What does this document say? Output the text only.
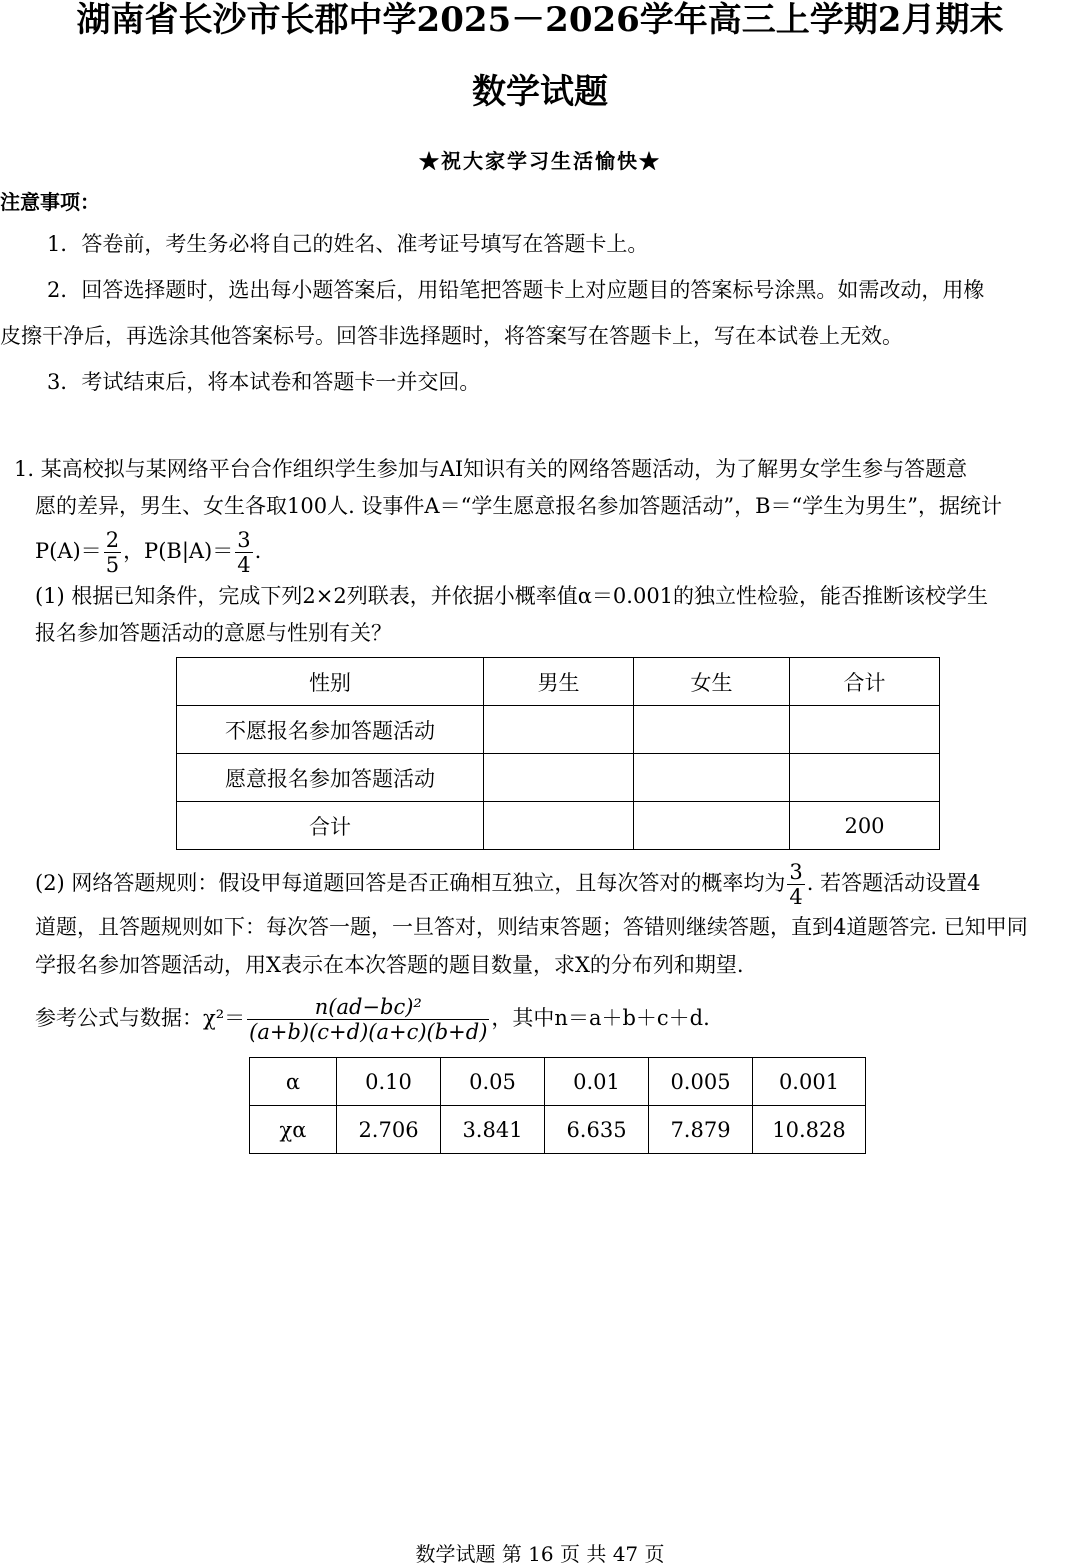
湖南省长沙市长郡中学2025－2026学年高三上学期2月期末
数学试题
★祝大家学习生活愉快★
注意事项：
1．答卷前，考生务必将自己的姓名、准考证号填写在答题卡上。
2．回答选择题时，选出每小题答案后，用铅笔把答题卡上对应题目的答案标号涂黑。如需改动，用橡
皮擦干净后，再选涂其他答案标号。回答非选择题时，将答案写在答题卡上，写在本试卷上无效。
3．考试结束后，将本试卷和答题卡一并交回。
1. 某高校拟与某网络平台合作组织学生参加与AI知识有关的网络答题活动，为了解男女学生参与答题意
愿的差异，男生、女生各取100人. 设事件A＝“学生愿意报名参加答题活动”，B＝“学生为男生”，据统计
$P(A)= \frac{2}{5}$ ，$P(B|A)= \frac{3}{4}$ .
(1) 根据已知条件，完成下列2×2列联表，并依据小概率值α＝0.001的独立性检验，能否推断该校学生
报名参加答题活动的意愿与性别有关？
性别	男生	女生	合计
不愿报名参加答题活动			
愿意报名参加答题活动			
合计			200
(2) 网络答题规则：假设甲每道题回答是否正确相互独立，且每次答对的概率均为 $\frac{3}{4}$ . 若答题活动设置4
道题，且答题规则如下：每次答一题，一旦答对，则结束答题；答错则继续答题，直到4道题答完. 已知甲同
学报名参加答题活动，用X表示在本次答题的题目数量，求X的分布列和期望.
参考公式与数据：$\chi^2= \frac{\text{n(ad−bc)²}}{(a+b)(c+d)(a+c)(b+d)}$ ，其中n＝a＋b＋c＋d.
α	0.10	0.05	0.01	0.005	0.001
χα	2.706	3.841	6.635	7.879	10.828
数学试题 第 16 页 共 47 页
